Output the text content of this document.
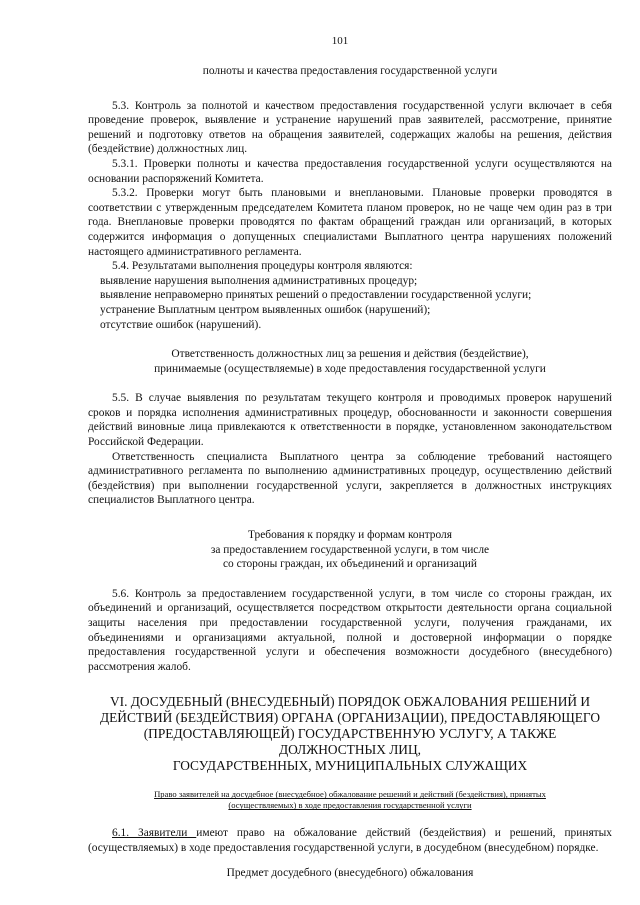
101

полноты и качества предоставления государственной услуги

5.3. Контроль за полнотой и качеством предоставления государственной услуги включает в себя проведение проверок, выявление и устранение нарушений прав заявителей, рассмотрение, принятие решений и подготовку ответов на обращения заявителей, содержащих жалобы на решения, действия (бездействие) должностных лиц.

5.3.1. Проверки полноты и качества предоставления государственной услуги осуществляются на основании распоряжений Комитета.

5.3.2. Проверки могут быть плановыми и внеплановыми. Плановые проверки проводятся в соответствии с утвержденным председателем Комитета планом проверок, но не чаще чем один раз в три года. Внеплановые проверки проводятся по фактам обращений граждан или организаций, в которых содержится информация о допущенных специалистами Выплатного центра нарушениях положений настоящего административного регламента.

5.4. Результатами выполнения процедуры контроля являются:

выявление нарушения выполнения административных процедур;

выявление неправомерно принятых решений о предоставлении государственной услуги;

устранение Выплатным центром выявленных ошибок (нарушений);

отсутствие ошибок (нарушений).

Ответственность должностных лиц за решения и действия (бездействие),

принимаемые (осуществляемые) в ходе предоставления государственной услуги

5.5. В случае выявления по результатам текущего контроля и проводимых проверок нарушений сроков и порядка исполнения административных процедур, обоснованности и законности совершения действий виновные лица привлекаются к ответственности в порядке, установленном законодательством Российской Федерации.

Ответственность специалиста Выплатного центра за соблюдение требований настоящего административного регламента по выполнению административных процедур, осуществлению действий (бездействия) при выполнении государственной услуги, закрепляется в должностных инструкциях специалистов Выплатного центра.

Требования к порядку и формам контроля

за предоставлением государственной услуги, в том числе

со стороны граждан, их объединений и организаций

5.6. Контроль за предоставлением государственной услуги, в том числе со стороны граждан, их объединений и организаций, осуществляется посредством открытости деятельности органа социальной защиты населения при предоставлении государственной услуги, получения гражданами, их объединениями и организациями актуальной, полной и достоверной информации о порядке предоставления государственной услуги и обеспечения возможности досудебного (внесудебного) рассмотрения жалоб.

VI. ДОСУДЕБНЫЙ (ВНЕСУДЕБНЫЙ) ПОРЯДОК ОБЖАЛОВАНИЯ РЕШЕНИЙ И

ДЕЙСТВИЙ (БЕЗДЕЙСТВИЯ) ОРГАНА (ОРГАНИЗАЦИИ), ПРЕДОСТАВЛЯЮЩЕГО

(ПРЕДОСТАВЛЯЮЩЕЙ) ГОСУДАРСТВЕННУЮ УСЛУГУ, А ТАКЖЕ ДОЛЖНОСТНЫХ ЛИЦ,

ГОСУДАРСТВЕННЫХ, МУНИЦИПАЛЬНЫХ СЛУЖАЩИХ

Право заявителей на досудебное (внесудебное) обжалование решений и действий (бездействия), принятых

(осуществляемых) в ходе предоставления государственной услуги

6.1. Заявители имеют право на обжалование действий (бездействия) и решений, принятых (осуществляемых) в ходе предоставления государственной услуги, в досудебном (внесудебном) порядке.

Предмет досудебного (внесудебного) обжалования
